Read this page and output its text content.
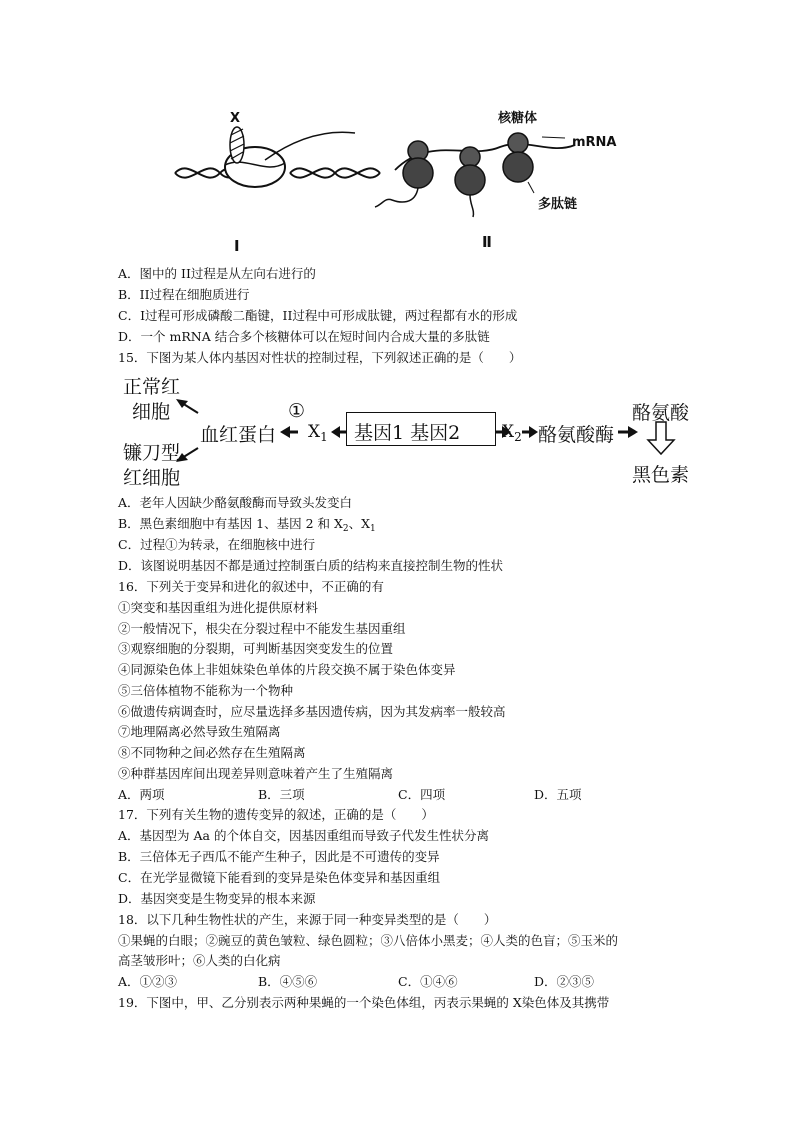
X	核糖体
mRNA
多肽链
Ⅰ	Ⅱ
A．图中的 II过程是从左向右进行的
B．II过程在细胞质进行
C．I过程可形成磷酸二酯键，II过程中可形成肽键，两过程都有水的形成
D．一个 mRNA 结合多个核糖体可以在短时间内合成大量的多肽链
15．下图为某人体内基因对性状的控制过程，下列叙述正确的是（　　）
正常红
细胞
镰刀型
红细胞
血红蛋白
①
$X_1$ 基因1 基因2 $X_2$ 酪氨酸酶
酪氨酸
黑色素
A．老年人因缺少酪氨酸酶而导致头发变白
B．黑色素细胞中有基因 1、基因 2 和 $X_2$、$X_1$
C．过程①为转录，在细胞核中进行
D．该图说明基因不都是通过控制蛋白质的结构来直接控制生物的性状
16．下列关于变异和进化的叙述中，不正确的有
①突变和基因重组为进化提供原材料
②一般情况下，根尖在分裂过程中不能发生基因重组
③观察细胞的分裂期，可判断基因突变发生的位置
④同源染色体上非姐妹染色单体的片段交换不属于染色体变异
⑤三倍体植物不能称为一个物种
⑥做遗传病调查时，应尽量选择多基因遗传病，因为其发病率一般较高
⑦地理隔离必然导致生殖隔离
⑧不同物种之间必然存在生殖隔离
⑨种群基因库间出现差异则意味着产生了生殖隔离
A．两项	B．三项	C．四项	D．五项
17．下列有关生物的遗传变异的叙述，正确的是（　　）
A．基因型为 Aa 的个体自交，因基因重组而导致子代发生性状分离
B．三倍体无子西瓜不能产生种子，因此是不可遗传的变异
C．在光学显微镜下能看到的变异是染色体变异和基因重组
D．基因突变是生物变异的根本来源
18．以下几种生物性状的产生，来源于同一种变异类型的是（　　）
①果蝇的白眼；②豌豆的黄色皱粒、绿色圆粒；③八倍体小黑麦；④人类的色盲；⑤玉米的
高茎皱形叶；⑥人类的白化病
A．①②③	B．④⑤⑥	C．①④⑥	D．②③⑤
19．下图中，甲、乙分别表示两种果蝇的一个染色体组，丙表示果蝇的 X染色体及其携带
